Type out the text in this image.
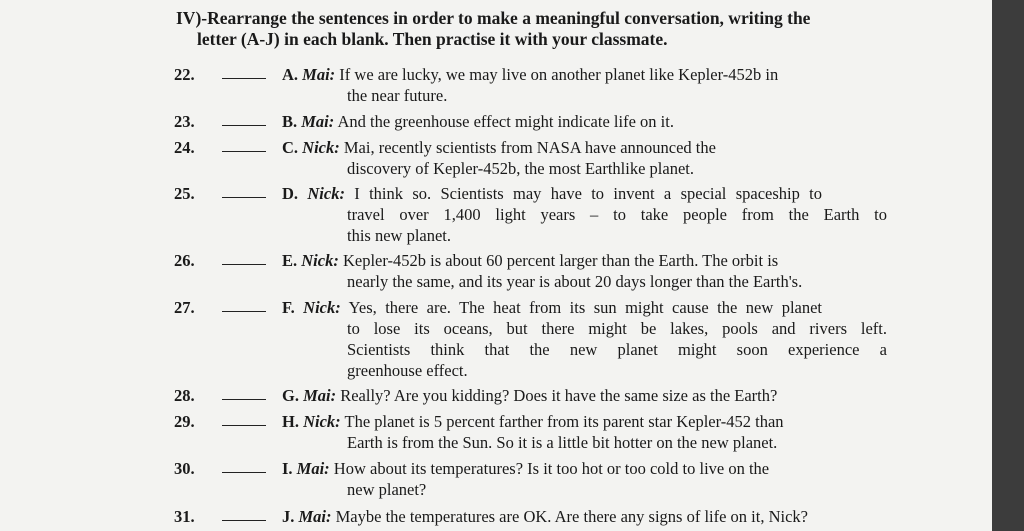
IV)-Rearrange the sentences in order to make a meaningful conversation, writing the
letter (A-J) in each blank. Then practise it with your classmate.
22.	A. Mai: If we are lucky, we may live on another planet like Kepler-452b in
the near future.
23.	B. Mai: And the greenhouse effect might indicate life on it.
24.	C. Nick: Mai, recently scientists from NASA have announced the
discovery of Kepler-452b, the most Earthlike planet.
25.	D. Nick: I think so. Scientists may have to invent a special spaceship to
travel over 1,400 light years – to take people from the Earth to
this new planet.
26.	E. Nick: Kepler-452b is about 60 percent larger than the Earth. The orbit is
nearly the same, and its year is about 20 days longer than the Earth's.
27.	F. Nick: Yes, there are. The heat from its sun might cause the new planet
to lose its oceans, but there might be lakes, pools and rivers left.
Scientists think that the new planet might soon experience a
greenhouse effect.
28.	G. Mai: Really? Are you kidding? Does it have the same size as the Earth?
29.	H. Nick: The planet is 5 percent farther from its parent star Kepler-452 than
Earth is from the Sun. So it is a little bit hotter on the new planet.
30.	I. Mai: How about its temperatures? Is it too hot or too cold to live on the
new planet?
31.	J. Mai: Maybe the temperatures are OK. Are there any signs of life on it, Nick?
